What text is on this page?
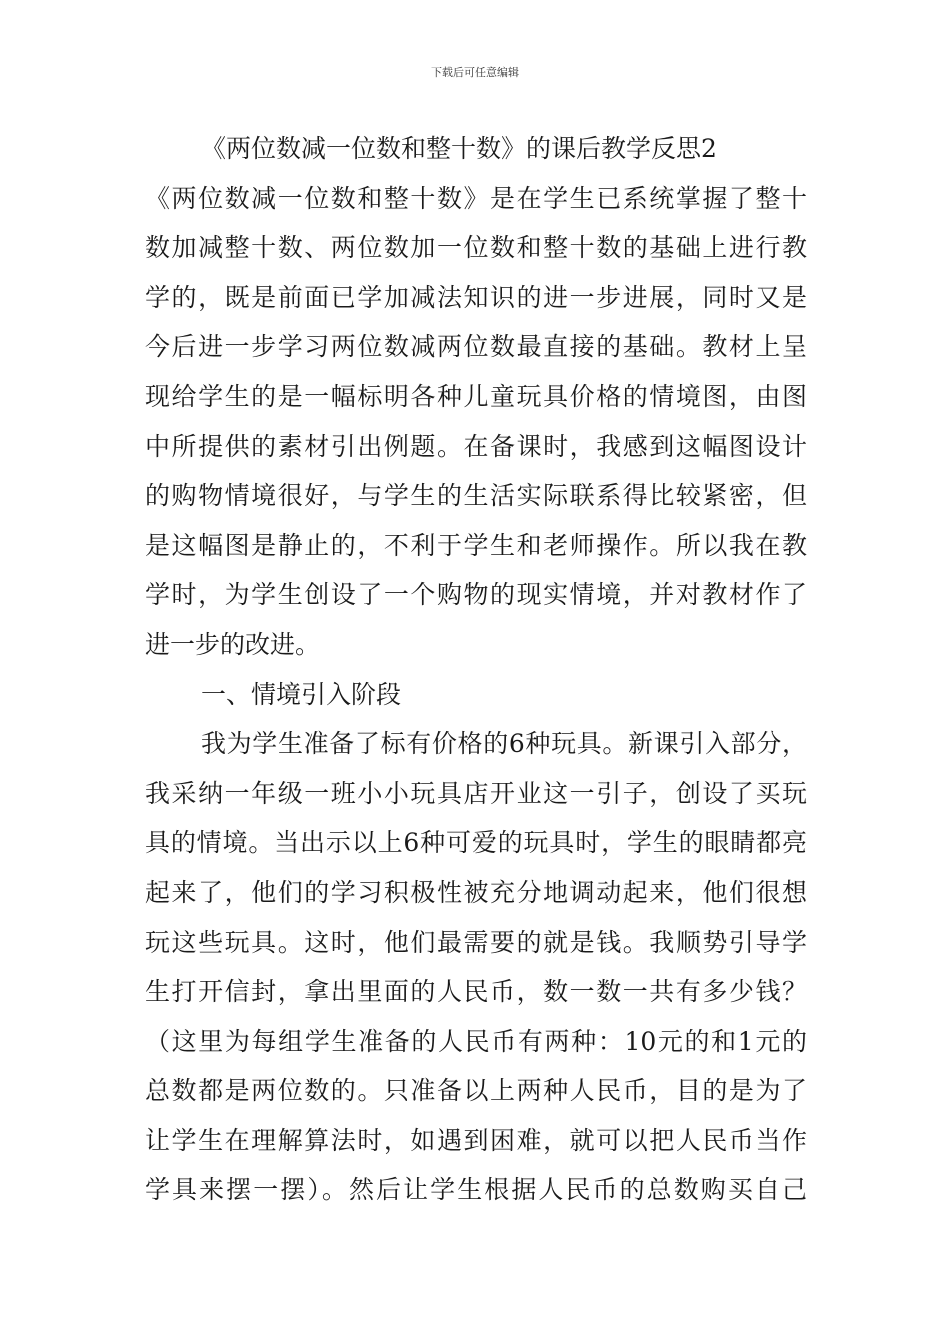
下载后可任意编辑
《两位数减一位数和整十数》的课后教学反思2
《两位数减一位数和整十数》是在学生已系统掌握了整十
数加减整十数、两位数加一位数和整十数的基础上进行教
学的，既是前面已学加减法知识的进一步进展，同时又是
今后进一步学习两位数减两位数最直接的基础。教材上呈
现给学生的是一幅标明各种儿童玩具价格的情境图，由图
中所提供的素材引出例题。在备课时，我感到这幅图设计
的购物情境很好，与学生的生活实际联系得比较紧密，但
是这幅图是静止的，不利于学生和老师操作。所以我在教
学时，为学生创设了一个购物的现实情境，并对教材作了
进一步的改进。
一、情境引入阶段
我为学生准备了标有价格的6种玩具。新课引入部分，
我采纳一年级一班小小玩具店开业这一引子，创设了买玩
具的情境。当出示以上6种可爱的玩具时，学生的眼睛都亮
起来了，他们的学习积极性被充分地调动起来，他们很想
玩这些玩具。这时，他们最需要的就是钱。我顺势引导学
生打开信封，拿出里面的人民币，数一数一共有多少钱？
（这里为每组学生准备的人民币有两种：10元的和1元的
总数都是两位数的。只准备以上两种人民币，目的是为了
让学生在理解算法时，如遇到困难，就可以把人民币当作
学具来摆一摆）。然后让学生根据人民币的总数购买自己
